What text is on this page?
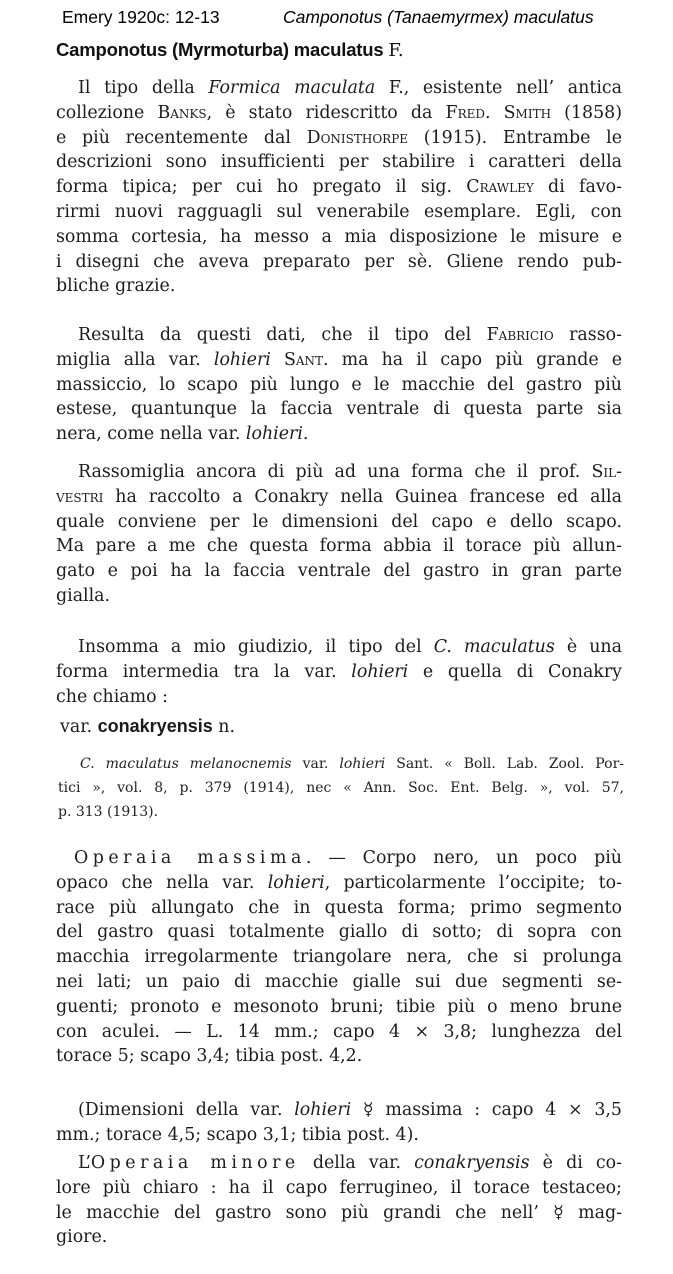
Emery 1920c: 12-13	Camponotus (Tanaemyrmex) maculatus
Camponotus (Myrmoturba) maculatus F.
Il tipo della Formica maculata F., esistente nell’ antica
collezione Banks, è stato ridescritto da Fred. Smith (1858)
e più recentemente dal Donisthorpe (1915). Entrambe le
descrizioni sono insufficienti per stabilire i caratteri della
forma tipica; per cui ho pregato il sig. Crawley di favo-
rirmi nuovi ragguagli sul venerabile esemplare. Egli, con
somma cortesia, ha messo a mia disposizione le misure e
i disegni che aveva preparato per sè. Gliene rendo pub-
bliche grazie.
Resulta da questi dati, che il tipo del Fabricio rasso-
miglia alla var. lohieri Sant. ma ha il capo più grande e
massiccio, lo scapo più lungo e le macchie del gastro più
estese, quantunque la faccia ventrale di questa parte sia
nera, come nella var. lohieri.
Rassomiglia ancora di più ad una forma che il prof. Sil-
vestri ha raccolto a Conakry nella Guinea francese ed alla
quale conviene per le dimensioni del capo e dello scapo.
Ma pare a me che questa forma abbia il torace più allun-
gato e poi ha la faccia ventrale del gastro in gran parte
gialla.
Insomma a mio giudizio, il tipo del C. maculatus è una
forma intermedia tra la var. lohieri e quella di Conakry
che chiamo :
var. conakryensis n.
C. maculatus melanocnemis var. lohieri Sant. « Boll. Lab. Zool. Por-
tici », vol. 8, p. 379 (1914), nec « Ann. Soc. Ent. Belg. », vol. 57,
p. 313 (1913).
Operaia massima. — Corpo nero, un poco più
opaco che nella var. lohieri, particolarmente l’occipite; to-
race più allungato che in questa forma; primo segmento
del gastro quasi totalmente giallo di sotto; di sopra con
macchia irregolarmente triangolare nera, che si prolunga
nei lati; un paio di macchie gialle sui due segmenti se-
guenti; pronoto e mesonoto bruni; tibie più o meno brune
con aculei. — L. 14 mm.; capo 4 ⨯ 3,8; lunghezza del
torace 5; scapo 3,4; tibia post. 4,2.
(Dimensioni della var. lohieri ☿ massima : capo 4 ⨯ 3,5
mm.; torace 4,5; scapo 3,1; tibia post. 4).
L’Operaia minore della var. conakryensis è di co-
lore più chiaro : ha il capo ferrugineo, il torace testaceo;
le macchie del gastro sono più grandi che nell’ ☿ mag-
giore.
